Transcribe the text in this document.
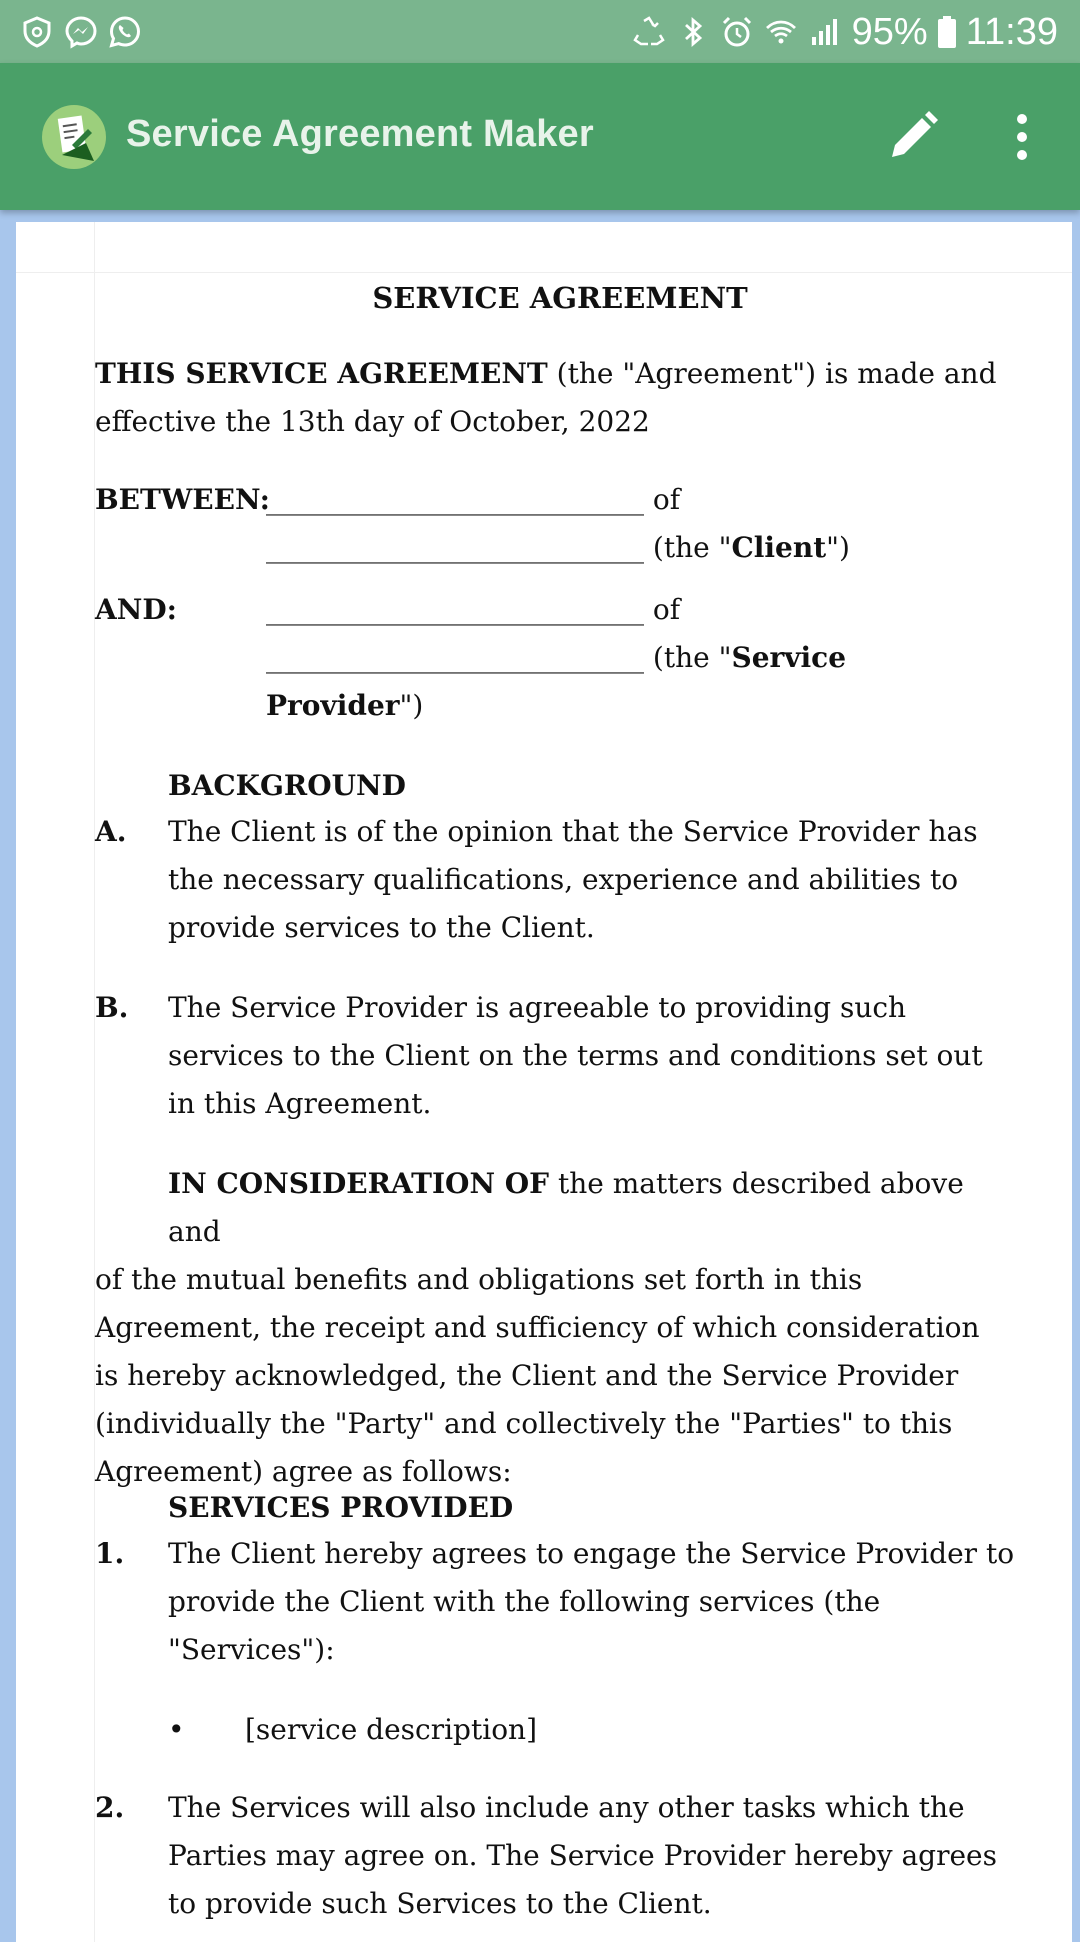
95% 11:39
Service Agreement Maker
SERVICE AGREEMENT
THIS SERVICE AGREEMENT (the "Agreement") is made and
effective the 13th day of October, 2022
BETWEEN:
___________________________ of
___________________________ (the "Client")
AND:	___________________________ of
___________________________ (the "Service
Provider")
BACKGROUND
A. The Client is of the opinion that the Service Provider has
the necessary qualifications, experience and abilities to
provide services to the Client.
B. The Service Provider is agreeable to providing such
services to the Client on the terms and conditions set out
in this Agreement.
IN CONSIDERATION OF the matters described above and
of the mutual benefits and obligations set forth in this
Agreement, the receipt and sufficiency of which consideration
is hereby acknowledged, the Client and the Service Provider
(individually the "Party" and collectively the "Parties" to this
Agreement) agree as follows:
SERVICES PROVIDED
1. The Client hereby agrees to engage the Service Provider to
provide the Client with the following services (the
"Services"):
• [service description]
2. The Services will also include any other tasks which the
Parties may agree on. The Service Provider hereby agrees
to provide such Services to the Client.
